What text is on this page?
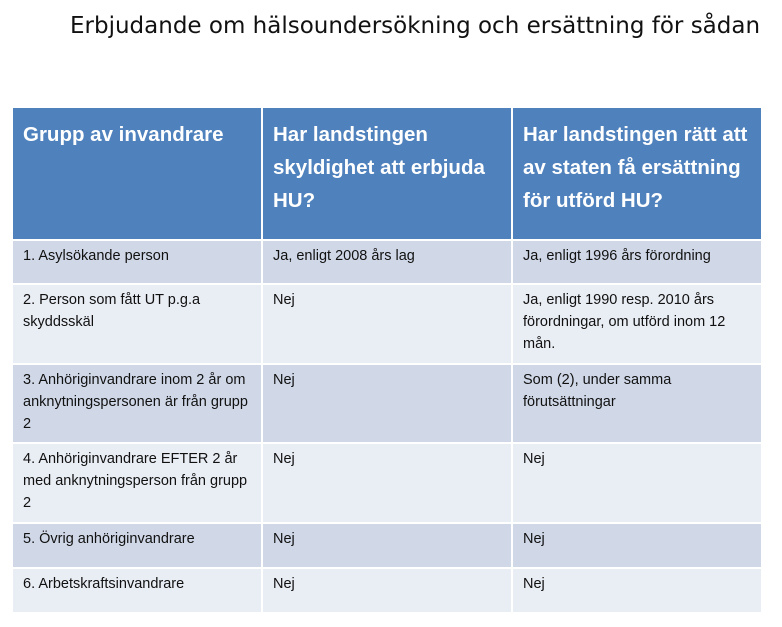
Erbjudande om hälsoundersökning och ersättning för sådan
Grupp av invandrare	Har landstingen skyldighet att erbjuda HU?	Har landstingen rätt att av staten få ersättning för utförd HU?
1. Asylsökande person	Ja, enligt 2008 års lag	Ja, enligt 1996 års förordning
2. Person som fått UT p.g.a skyddsskäl	Nej	Ja, enligt 1990 resp. 2010 års förordningar, om utförd inom 12 mån.
3. Anhöriginvandrare inom 2 år om anknytningspersonen är från grupp 2	Nej	Som (2), under samma förutsättningar
4. Anhöriginvandrare EFTER 2 år med anknytningsperson från grupp 2	Nej	Nej
5. Övrig anhöriginvandrare	Nej	Nej
6. Arbetskraftsinvandrare	Nej	Nej
